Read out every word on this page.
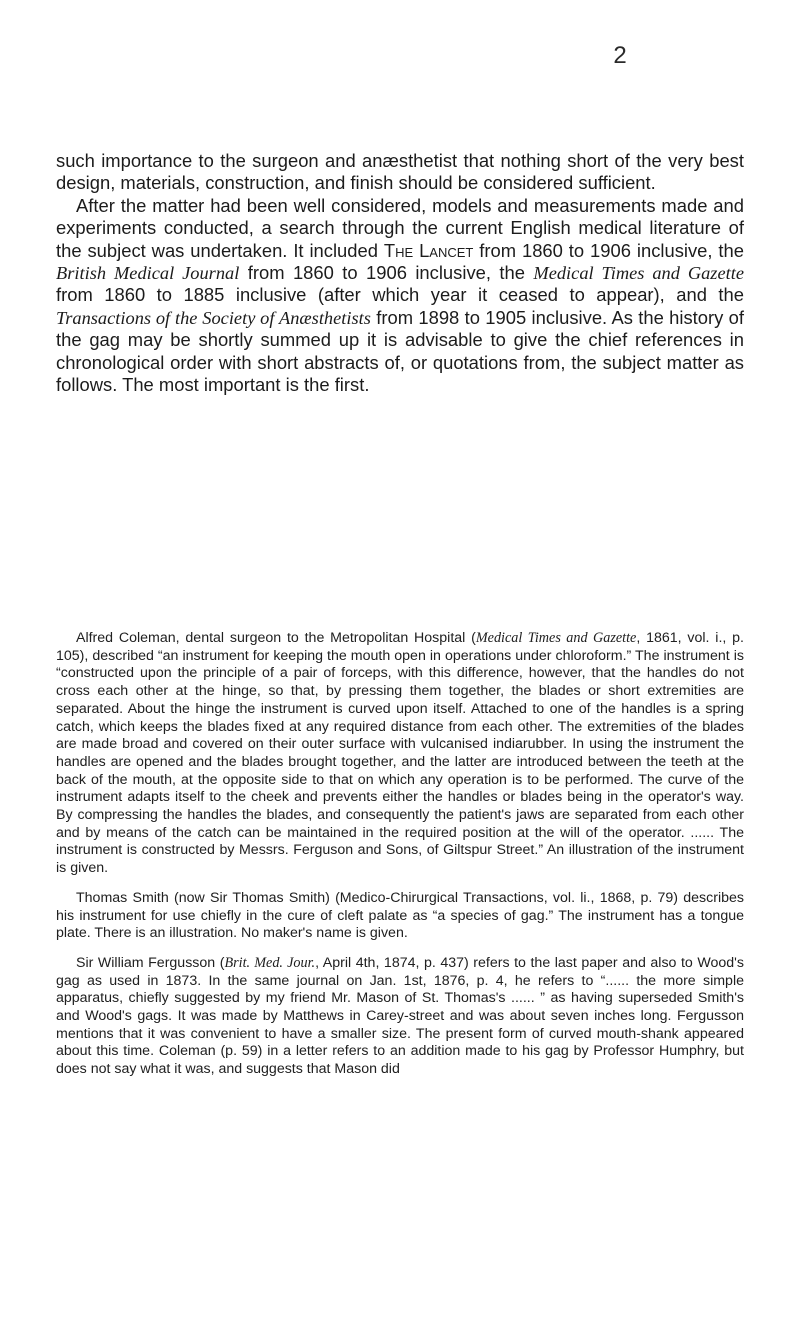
2

such importance to the surgeon and anæsthetist that nothing short of the very best design, materials, construction, and finish should be considered sufficient.

After the matter had been well considered, models and measurements made and experiments conducted, a search through the current English medical literature of the subject was undertaken. It included The Lancet from 1860 to 1906 inclusive, the British Medical Journal from 1860 to 1906 inclusive, the Medical Times and Gazette from 1860 to 1885 inclusive (after which year it ceased to appear), and the Transactions of the Society of Anæsthetists from 1898 to 1905 inclusive. As the history of the gag may be shortly summed up it is advisable to give the chief references in chronological order with short abstracts of, or quotations from, the subject matter as follows. The most important is the first.

Alfred Coleman, dental surgeon to the Metropolitan Hospital (Medical Times and Gazette, 1861, vol. i., p. 105), described “an instrument for keeping the mouth open in operations under chloroform.” The instrument is “constructed upon the principle of a pair of forceps, with this difference, however, that the handles do not cross each other at the hinge, so that, by pressing them together, the blades or short extremities are separated. About the hinge the instrument is curved upon itself. Attached to one of the handles is a spring catch, which keeps the blades fixed at any required distance from each other. The extremities of the blades are made broad and covered on their outer surface with vulcanised indiarubber. In using the instrument the handles are opened and the blades brought together, and the latter are introduced between the teeth at the back of the mouth, at the opposite side to that on which any operation is to be performed. The curve of the instrument adapts itself to the cheek and prevents either the handles or blades being in the operator's way. By compressing the handles the blades, and consequently the patient's jaws are separated from each other and by means of the catch can be maintained in the required position at the will of the operator. ...... The instrument is constructed by Messrs. Ferguson and Sons, of Giltspur Street.” An illustration of the instrument is given.

Thomas Smith (now Sir Thomas Smith) (Medico-Chirurgical Transactions, vol. li., 1868, p. 79) describes his instrument for use chiefly in the cure of cleft palate as “a species of gag.” The instrument has a tongue plate. There is an illustration. No maker's name is given.

Sir William Fergusson (Brit. Med. Jour., April 4th, 1874, p. 437) refers to the last paper and also to Wood's gag as used in 1873. In the same journal on Jan. 1st, 1876, p. 4, he refers to “...... the more simple apparatus, chiefly suggested by my friend Mr. Mason of St. Thomas's ...... ” as having superseded Smith's and Wood's gags. It was made by Matthews in Carey-street and was about seven inches long. Fergusson mentions that it was convenient to have a smaller size. The present form of curved mouth-shank appeared about this time. Coleman (p. 59) in a letter refers to an addition made to his gag by Professor Humphry, but does not say what it was, and suggests that Mason did
